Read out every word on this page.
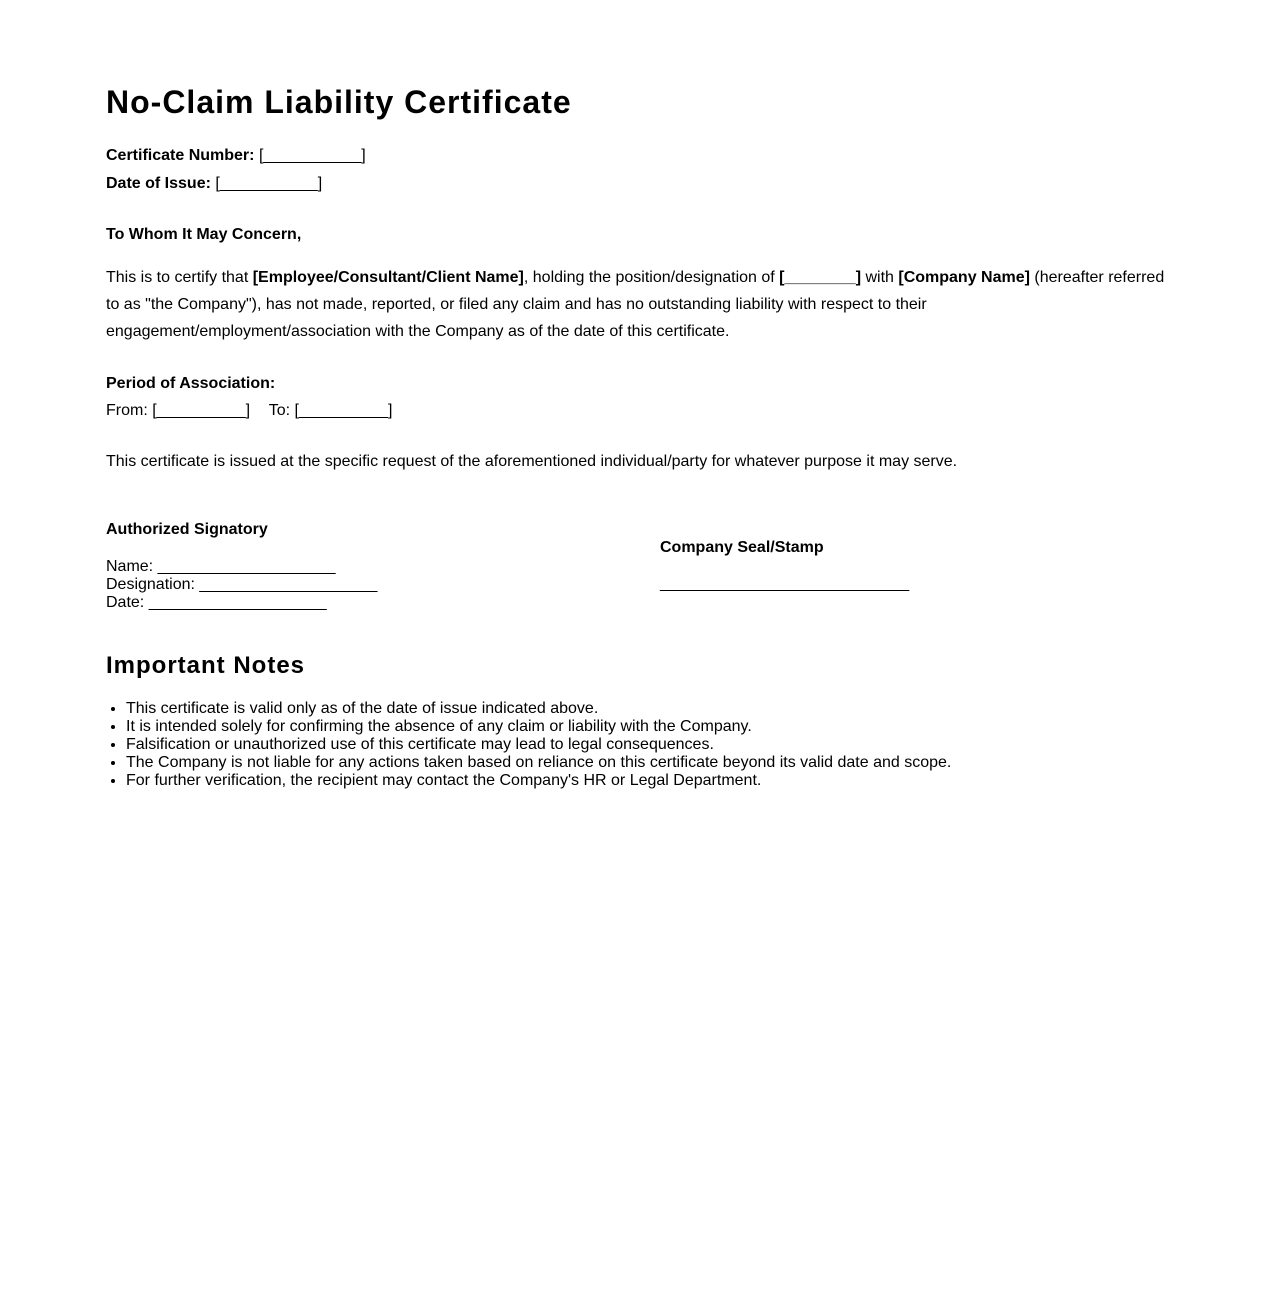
No-Claim Liability Certificate
Certificate Number: [___________]
Date of Issue: [___________]
To Whom It May Concern,
This is to certify that [Employee/Consultant/Client Name], holding the position/designation of [________] with [Company Name] (hereafter referred to as "the Company"), has not made, reported, or filed any claim and has no outstanding liability with respect to their engagement/employment/association with the Company as of the date of this certificate.
Period of Association:
From: [__________] To: [__________]
This certificate is issued at the specific request of the aforementioned individual/party for whatever purpose it may serve.
Authorized Signatory
Name: ____________________
Designation: ____________________
Date: ____________________
Company Seal/Stamp
____________________________
Important Notes
• This certificate is valid only as of the date of issue indicated above.
• It is intended solely for confirming the absence of any claim or liability with the Company.
• Falsification or unauthorized use of this certificate may lead to legal consequences.
• The Company is not liable for any actions taken based on reliance on this certificate beyond its valid date and scope.
• For further verification, the recipient may contact the Company's HR or Legal Department.
